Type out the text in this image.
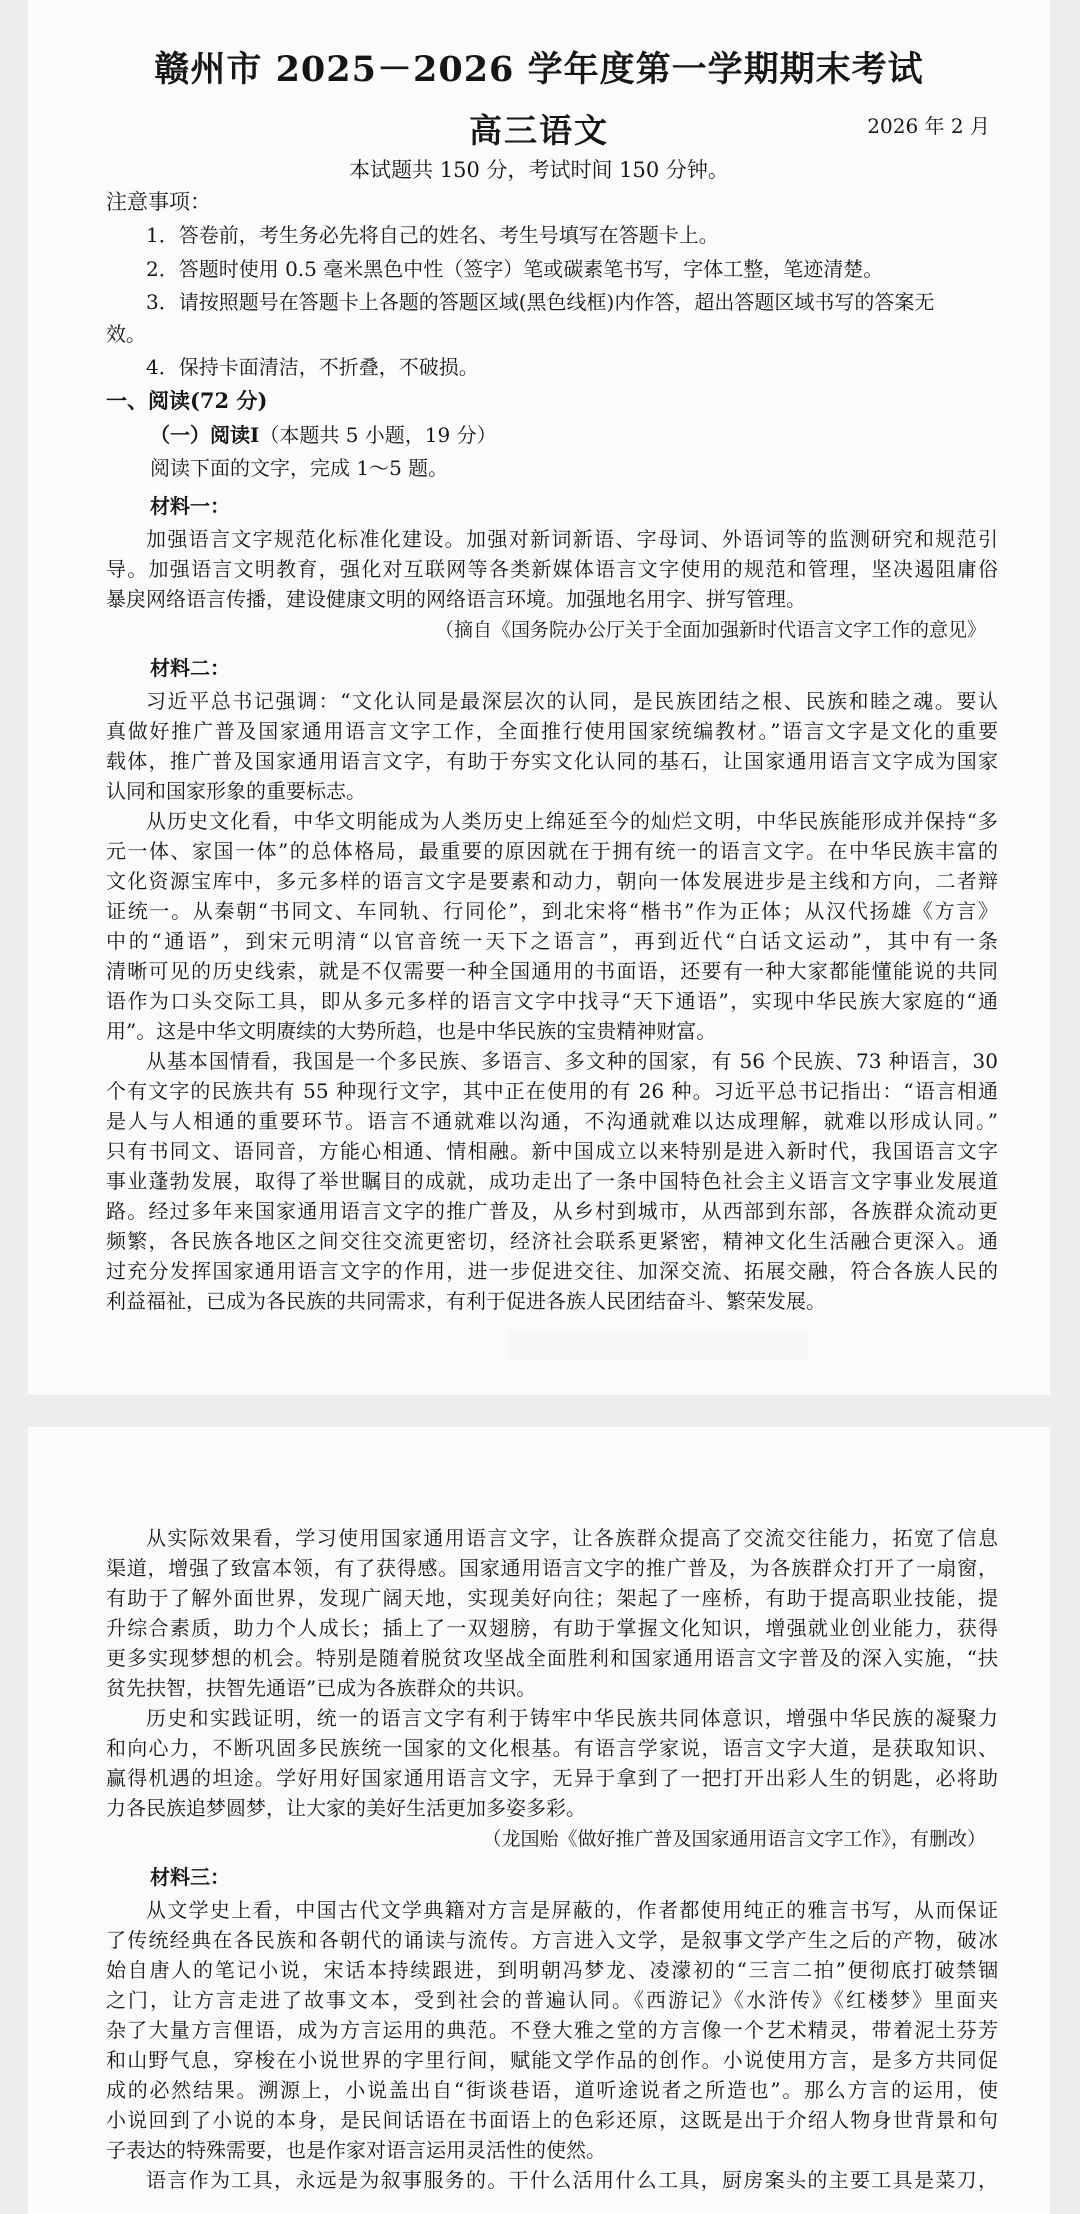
赣州市 2025－2026 学年度第一学期期末考试
高三语文	2026 年 2 月
本试题共 150 分，考试时间 150 分钟。
注意事项：
1．答卷前，考生务必先将自己的姓名、考生号填写在答题卡上。
2．答题时使用 0.5 毫米黑色中性（签字）笔或碳素笔书写，字体工整，笔迹清楚。
3．请按照题号在答题卡上各题的答题区域(黑色线框)内作答，超出答题区域书写的答案无
效。
4．保持卡面清洁，不折叠，不破损。
一、阅读(72 分)
（一）阅读Ⅰ（本题共 5 小题，19 分）
阅读下面的文字，完成 1～5 题。
材料一：
加强语言文字规范化标准化建设。加强对新词新语、字母词、外语词等的监测研究和规范引
导。加强语言文明教育，强化对互联网等各类新媒体语言文字使用的规范和管理，坚决遏阻庸俗
暴戾网络语言传播，建设健康文明的网络语言环境。加强地名用字、拼写管理。
（摘自《国务院办公厅关于全面加强新时代语言文字工作的意见》
材料二：
习近平总书记强调：“文化认同是最深层次的认同，是民族团结之根、民族和睦之魂。要认
真做好推广普及国家通用语言文字工作，全面推行使用国家统编教材。”语言文字是文化的重要
载体，推广普及国家通用语言文字，有助于夯实文化认同的基石，让国家通用语言文字成为国家
认同和国家形象的重要标志。
从历史文化看，中华文明能成为人类历史上绵延至今的灿烂文明，中华民族能形成并保持“多
元一体、家国一体”的总体格局，最重要的原因就在于拥有统一的语言文字。在中华民族丰富的
文化资源宝库中，多元多样的语言文字是要素和动力，朝向一体发展进步是主线和方向，二者辩
证统一。从秦朝“书同文、车同轨、行同伦”，到北宋将“楷书”作为正体；从汉代扬雄《方言》
中的“通语”，到宋元明清“以官音统一天下之语言”，再到近代“白话文运动”，其中有一条
清晰可见的历史线索，就是不仅需要一种全国通用的书面语，还要有一种大家都能懂能说的共同
语作为口头交际工具，即从多元多样的语言文字中找寻“天下通语”，实现中华民族大家庭的“通
用”。这是中华文明赓续的大势所趋，也是中华民族的宝贵精神财富。
从基本国情看，我国是一个多民族、多语言、多文种的国家，有 56 个民族、73 种语言，30
个有文字的民族共有 55 种现行文字，其中正在使用的有 26 种。习近平总书记指出：“语言相通
是人与人相通的重要环节。语言不通就难以沟通，不沟通就难以达成理解，就难以形成认同。”
只有书同文、语同音，方能心相通、情相融。新中国成立以来特别是进入新时代，我国语言文字
事业蓬勃发展，取得了举世瞩目的成就，成功走出了一条中国特色社会主义语言文字事业发展道
路。经过多年来国家通用语言文字的推广普及，从乡村到城市，从西部到东部，各族群众流动更
频繁，各民族各地区之间交往交流更密切，经济社会联系更紧密，精神文化生活融合更深入。通
过充分发挥国家通用语言文字的作用，进一步促进交往、加深交流、拓展交融，符合各族人民的
利益福祉，已成为各民族的共同需求，有利于促进各族人民团结奋斗、繁荣发展。
从实际效果看，学习使用国家通用语言文字，让各族群众提高了交流交往能力，拓宽了信息
渠道，增强了致富本领，有了获得感。国家通用语言文字的推广普及，为各族群众打开了一扇窗，
有助于了解外面世界，发现广阔天地，实现美好向往；架起了一座桥，有助于提高职业技能，提
升综合素质，助力个人成长；插上了一双翅膀，有助于掌握文化知识，增强就业创业能力，获得
更多实现梦想的机会。特别是随着脱贫攻坚战全面胜利和国家通用语言文字普及的深入实施，“扶
贫先扶智，扶智先通语”已成为各族群众的共识。
历史和实践证明，统一的语言文字有利于铸牢中华民族共同体意识，增强中华民族的凝聚力
和向心力，不断巩固多民族统一国家的文化根基。有语言学家说，语言文字大道，是获取知识、
赢得机遇的坦途。学好用好国家通用语言文字，无异于拿到了一把打开出彩人生的钥匙，必将助
力各民族追梦圆梦，让大家的美好生活更加多姿多彩。
（龙国贻《做好推广普及国家通用语言文字工作》，有删改）
材料三：
从文学史上看，中国古代文学典籍对方言是屏蔽的，作者都使用纯正的雅言书写，从而保证
了传统经典在各民族和各朝代的诵读与流传。方言进入文学，是叙事文学产生之后的产物，破冰
始自唐人的笔记小说，宋话本持续跟进，到明朝冯梦龙、凌濛初的“三言二拍”便彻底打破禁锢
之门，让方言走进了故事文本，受到社会的普遍认同。《西游记》《水浒传》《红楼梦》里面夹
杂了大量方言俚语，成为方言运用的典范。不登大雅之堂的方言像一个艺术精灵，带着泥土芬芳
和山野气息，穿梭在小说世界的字里行间，赋能文学作品的创作。小说使用方言，是多方共同促
成的必然结果。溯源上，小说盖出自“街谈巷语，道听途说者之所造也”。那么方言的运用，使
小说回到了小说的本身，是民间话语在书面语上的色彩还原，这既是出于介绍人物身世背景和句
子表达的特殊需要，也是作家对语言运用灵活性的使然。
语言作为工具，永远是为叙事服务的。干什么活用什么工具，厨房案头的主要工具是菜刀，
